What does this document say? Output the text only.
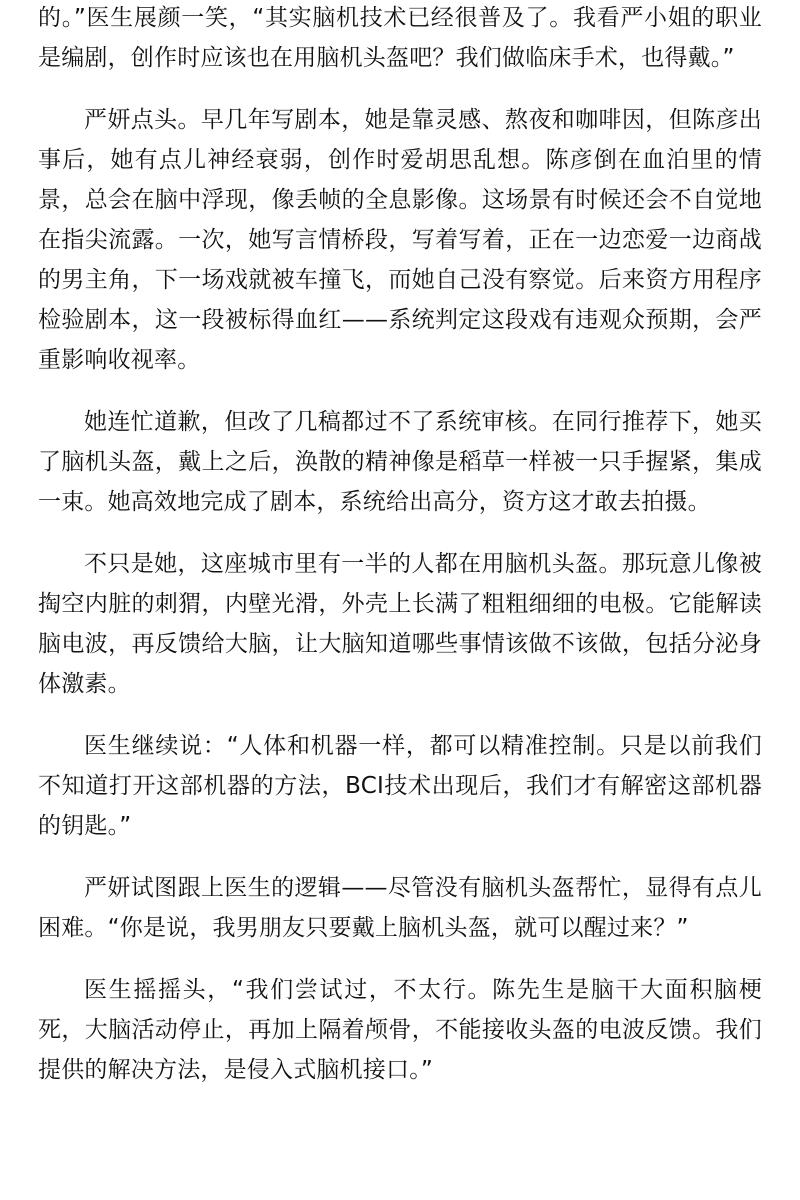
的。”医生展颜一笑，“其实脑机技术已经很普及了。我看严小姐的职业是编剧，创作时应该也在用脑机头盔吧？我们做临床手术，也得戴。”

严妍点头。早几年写剧本，她是靠灵感、熬夜和咖啡因，但陈彦出事后，她有点儿神经衰弱，创作时爱胡思乱想。陈彦倒在血泊里的情景，总会在脑中浮现，像丢帧的全息影像。这场景有时候还会不自觉地在指尖流露。一次，她写言情桥段，写着写着，正在一边恋爱一边商战的男主角，下一场戏就被车撞飞，而她自己没有察觉。后来资方用程序检验剧本，这一段被标得血红——系统判定这段戏有违观众预期，会严重影响收视率。

她连忙道歉，但改了几稿都过不了系统审核。在同行推荐下，她买了脑机头盔，戴上之后，涣散的精神像是稻草一样被一只手握紧，集成一束。她高效地完成了剧本，系统给出高分，资方这才敢去拍摄。

不只是她，这座城市里有一半的人都在用脑机头盔。那玩意儿像被掏空内脏的刺猬，内壁光滑，外壳上长满了粗粗细细的电极。它能解读脑电波，再反馈给大脑，让大脑知道哪些事情该做不该做，包括分泌身体激素。

医生继续说：“人体和机器一样，都可以精准控制。只是以前我们不知道打开这部机器的方法，BCI技术出现后，我们才有解密这部机器的钥匙。”

严妍试图跟上医生的逻辑——尽管没有脑机头盔帮忙，显得有点儿困难。“你是说，我男朋友只要戴上脑机头盔，就可以醒过来？”

医生摇摇头，“我们尝试过，不太行。陈先生是脑干大面积脑梗死，大脑活动停止，再加上隔着颅骨，不能接收头盔的电波反馈。我们提供的解决方法，是侵入式脑机接口。”
